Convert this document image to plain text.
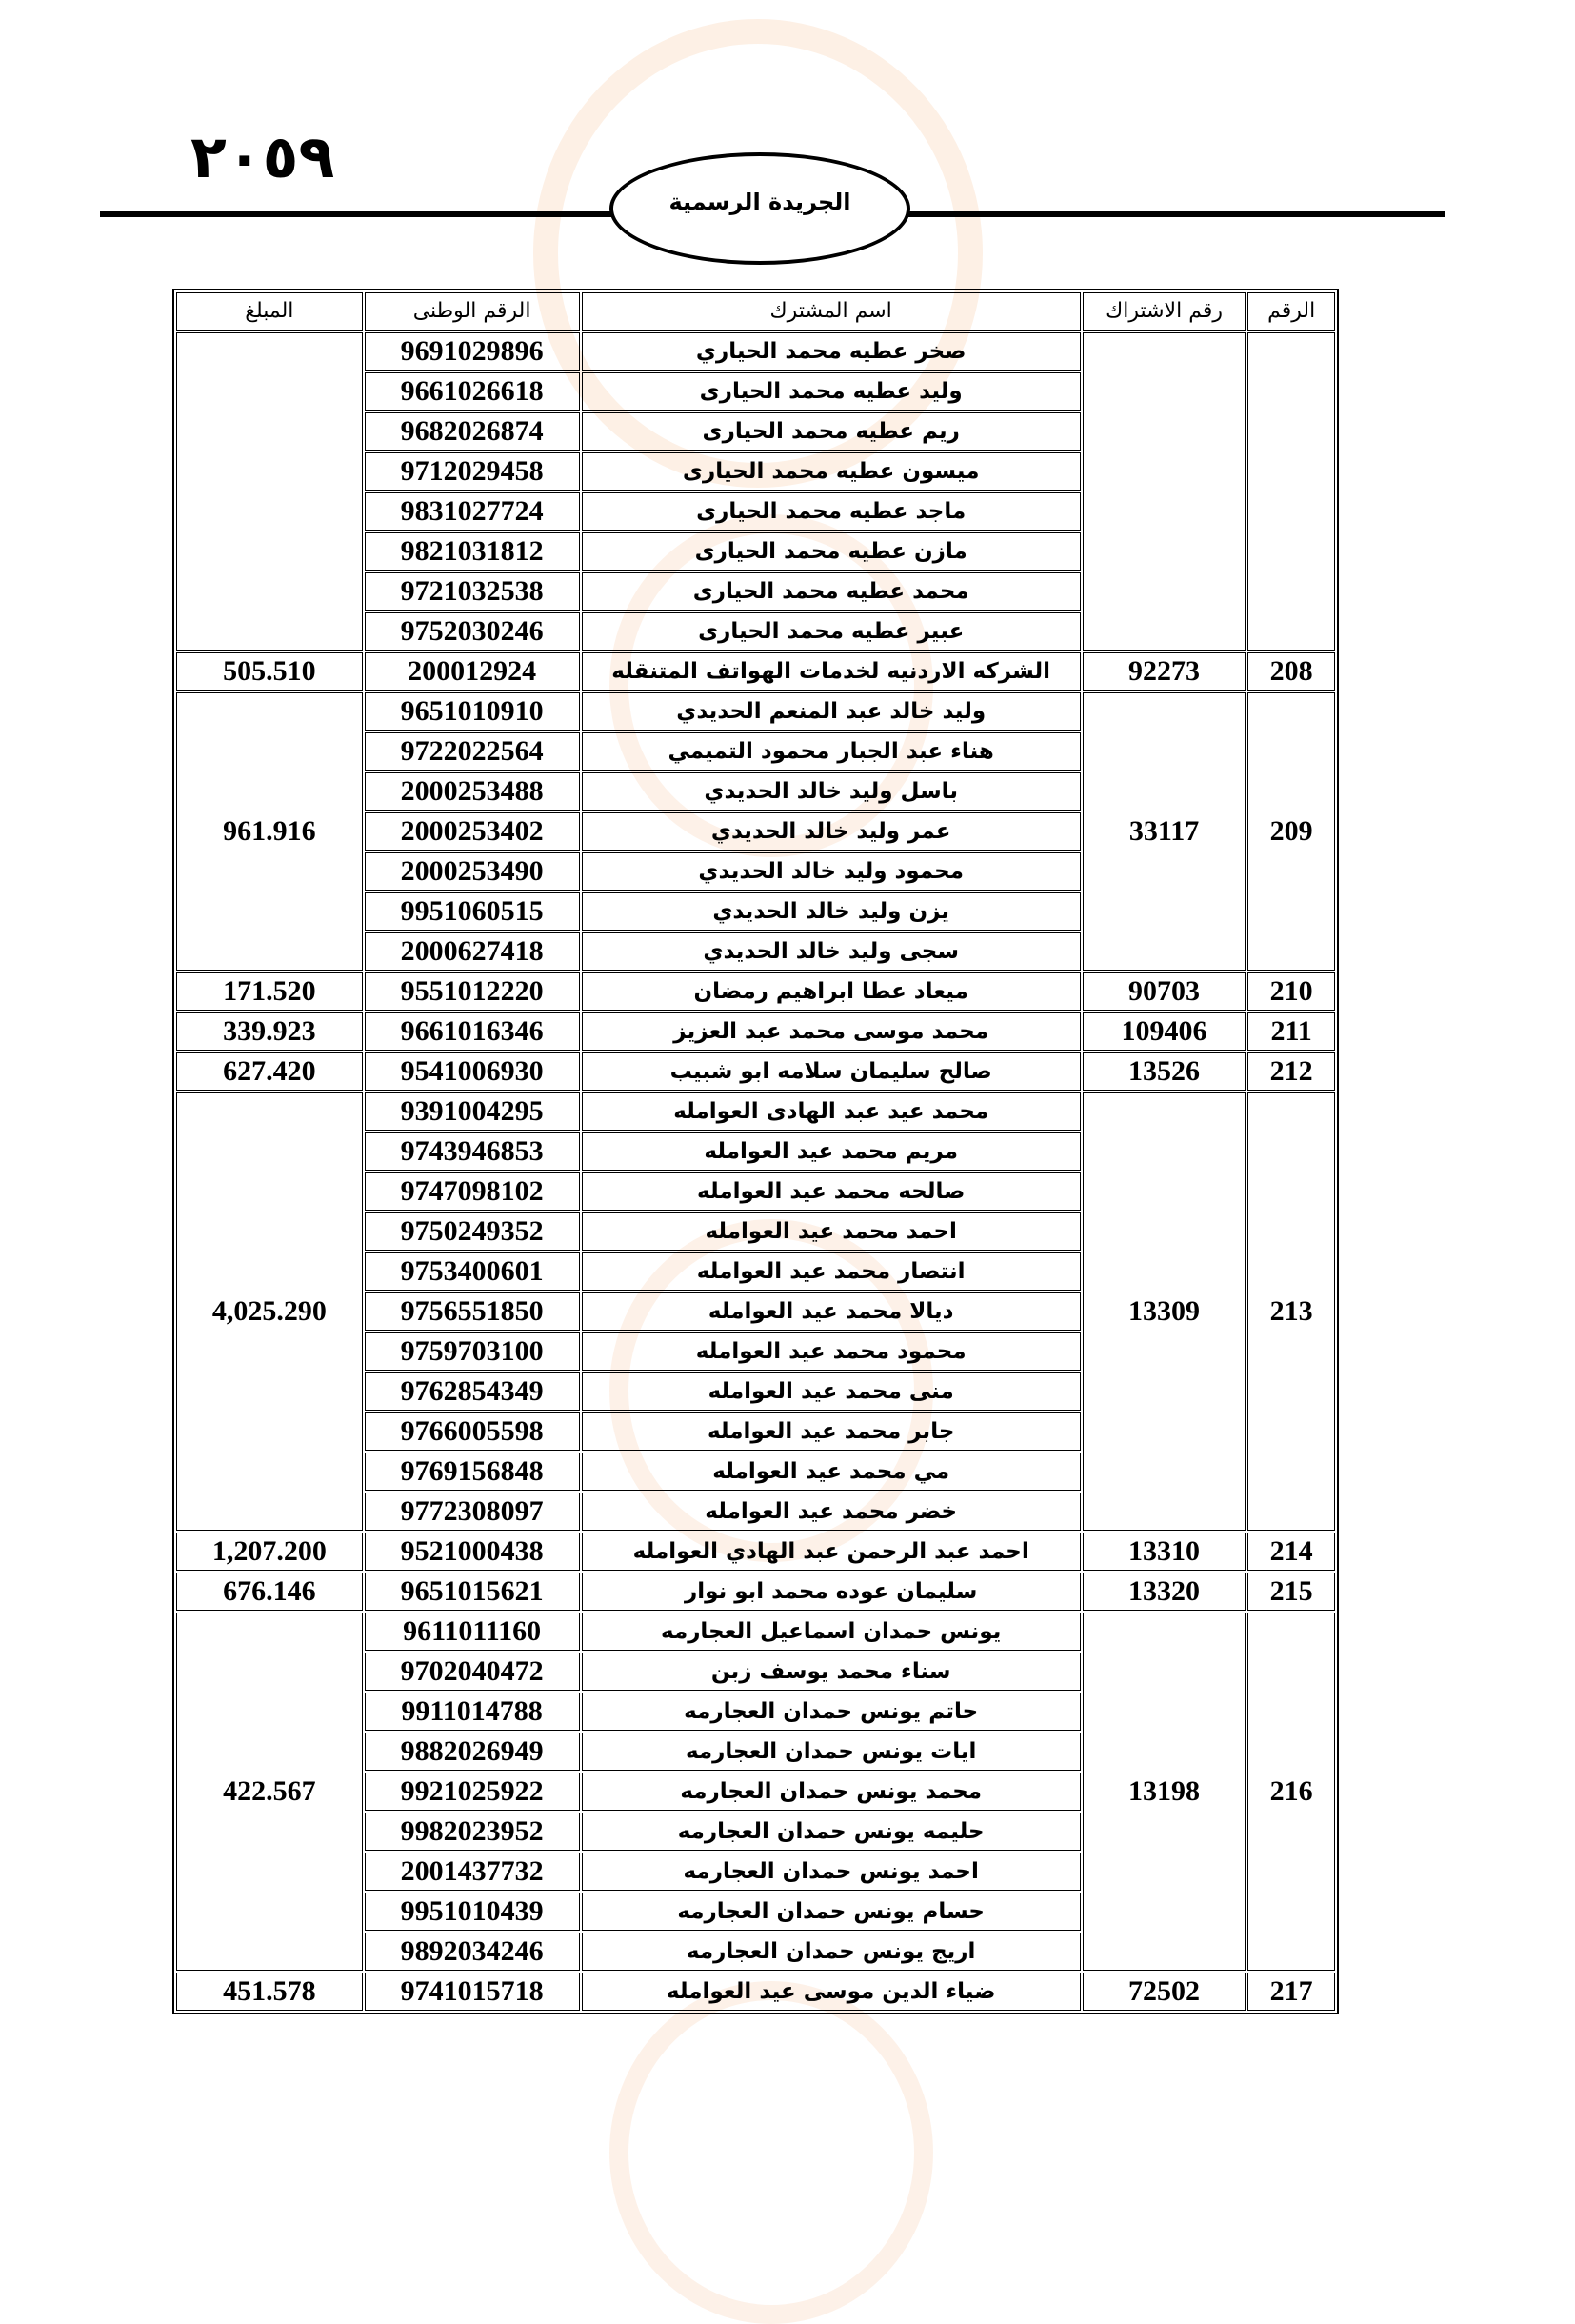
٢٠٥٩
الجريدة الرسمية
الرقم	رقم الاشتراك	اسم المشترك	الرقم الوطنى	المبلغ
		صخر عطيه محمد الحياري	9691029896	
		وليد عطيه محمد الحيارى	9661026618	
		ريم عطيه محمد الحيارى	9682026874	
		ميسون عطيه محمد الحيارى	9712029458	
		ماجد عطيه محمد الحيارى	9831027724	
		مازن عطيه محمد الحيارى	9821031812	
		محمد عطيه محمد الحيارى	9721032538	
		عبير عطيه محمد الحيارى	9752030246	
208	92273	الشركه الاردنيه لخدمات الهواتف المتنقله	200012924	505.510
209	33117	وليد خالد عبد المنعم الحديدي	9651010910	961.916
		هناء عبد الجبار محمود التميمي	9722022564	
		باسل وليد خالد الحديدي	2000253488	
		عمر وليد خالد الحديدي	2000253402	
		محمود وليد خالد الحديدي	2000253490	
		يزن وليد خالد الحديدي	9951060515	
		سجى وليد خالد الحديدي	2000627418	
210	90703	ميعاد عطا ابراهيم رمضان	9551012220	171.520
211	109406	محمد موسى محمد عبد العزيز	9661016346	339.923
212	13526	صالح سليمان سلامه ابو شبيب	9541006930	627.420
213	13309	محمد عيد عبد الهادى العوامله	9391004295	4,025.290
		مريم محمد عيد العوامله	9743946853	
		صالحه محمد عيد العوامله	9747098102	
		احمد محمد عيد العوامله	9750249352	
		انتصار محمد عيد العوامله	9753400601	
		ديالا محمد عيد العوامله	9756551850	
		محمود محمد عيد العوامله	9759703100	
		منى محمد عيد العوامله	9762854349	
		جابر محمد عيد العوامله	9766005598	
		مي محمد عيد العوامله	9769156848	
		خضر محمد عيد العوامله	9772308097	
214	13310	احمد عبد الرحمن عبد الهادي العوامله	9521000438	1,207.200
215	13320	سليمان عوده محمد ابو نوار	9651015621	676.146
216	13198	يونس حمدان اسماعيل العجارمه	9611011160	422.567
		سناء محمد يوسف زبن	9702040472	
		حاتم يونس حمدان العجارمه	9911014788	
		ايات يونس حمدان العجارمه	9882026949	
		محمد يونس حمدان العجارمه	9921025922	
		حليمه يونس حمدان العجارمه	9982023952	
		احمد يونس حمدان العجارمه	2001437732	
		حسام يونس حمدان العجارمه	9951010439	
		اريج يونس حمدان العجارمه	9892034246	
217	72502	ضياء الدين موسى عيد العوامله	9741015718	451.578
